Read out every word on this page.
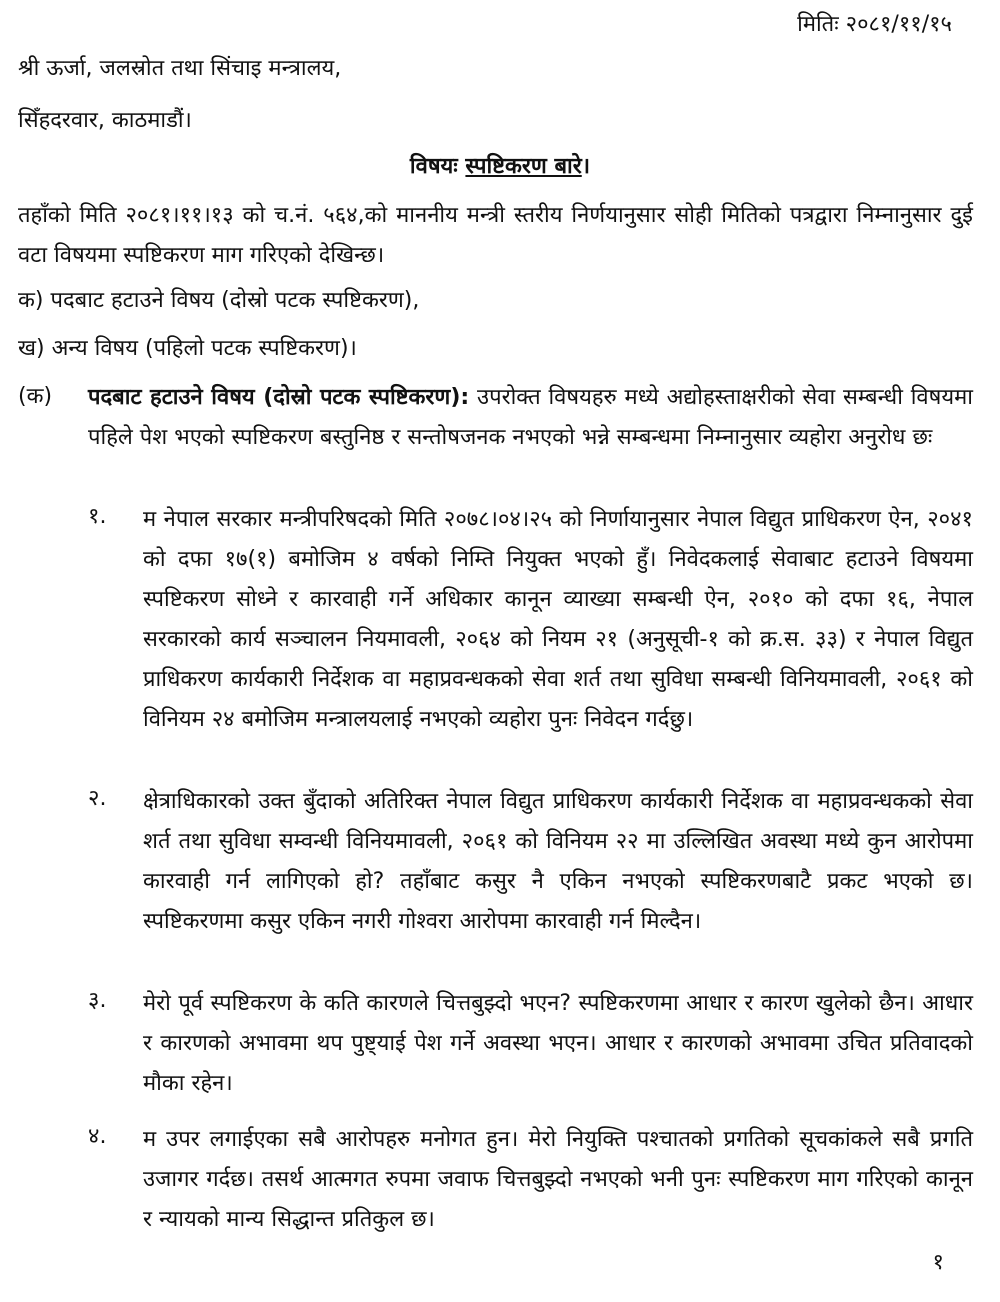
मितिः २०८१/११/१५
श्री ऊर्जा, जलस्रोत तथा सिंचाइ मन्त्रालय,
सिँहदरवार, काठमाडौं।
विषयः स्पष्टिकरण बारे।
तहाँको मिति २०८१।११।१३ को च.नं. ५६४,को माननीय मन्त्री स्तरीय निर्णयानुसार सोही मितिको पत्रद्वारा निम्नानुसार दुई वटा विषयमा स्पष्टिकरण माग गरिएको देखिन्छ।
क) पदबाट हटाउने विषय (दोस्रो पटक स्पष्टिकरण),
ख) अन्य विषय (पहिलो पटक स्पष्टिकरण)।
(क) पदबाट हटाउने विषय (दोस्रो पटक स्पष्टिकरण): उपरोक्त विषयहरु मध्ये अद्योहस्ताक्षरीको सेवा सम्बन्धी विषयमा पहिले पेश भएको स्पष्टिकरण बस्तुनिष्ठ र सन्तोषजनक नभएको भन्ने सम्बन्धमा निम्नानुसार व्यहोरा अनुरोध छः
१.	म नेपाल सरकार मन्त्रीपरिषदको मिति २०७८।०४।२५ को निर्णायानुसार नेपाल विद्युत प्राधिकरण ऐन, २०४१ को दफा १७(१) बमोजिम ४ वर्षको निम्ति नियुक्त भएको हुँ। निवेदकलाई सेवाबाट हटाउने विषयमा स्पष्टिकरण सोध्ने र कारवाही गर्ने अधिकार कानून व्याख्या सम्बन्धी ऐन, २०१० को दफा १६, नेपाल सरकारको कार्य सञ्चालन नियमावली, २०६४ को नियम २१ (अनुसूची-१ को क्र.स. ३३) र नेपाल विद्युत प्राधिकरण कार्यकारी निर्देशक वा महाप्रवन्धकको सेवा शर्त तथा सुविधा सम्बन्धी विनियमावली, २०६१ को विनियम २४ बमोजिम मन्त्रालयलाई नभएको व्यहोरा पुनः निवेदन गर्दछु।
२.	क्षेत्राधिकारको उक्त बुँदाको अतिरिक्त नेपाल विद्युत प्राधिकरण कार्यकारी निर्देशक वा महाप्रवन्धकको सेवा शर्त तथा सुविधा सम्वन्धी विनियमावली, २०६१ को विनियम २२ मा उल्लिखित अवस्था मध्ये कुन आरोपमा कारवाही गर्न लागिएको हो? तहाँबाट कसुर नै एकिन नभएको स्पष्टिकरणबाटै प्रकट भएको छ। स्पष्टिकरणमा कसुर एकिन नगरी गोश्वरा आरोपमा कारवाही गर्न मिल्दैन।
३.	मेरो पूर्व स्पष्टिकरण के कति कारणले चित्तबुझ्दो भएन? स्पष्टिकरणमा आधार र कारण खुलेको छैन। आधार र कारणको अभावमा थप पुष्ट्याई पेश गर्ने अवस्था भएन। आधार र कारणको अभावमा उचित प्रतिवादको मौका रहेन।
४.	म उपर लगाईएका सबै आरोपहरु मनोगत हुन। मेरो नियुक्ति पश्चातको प्रगतिको सूचकांकले सबै प्रगति उजागर गर्दछ। तसर्थ आत्मगत रुपमा जवाफ चित्तबुझ्दो नभएको भनी पुनः स्पष्टिकरण माग गरिएको कानून र न्यायको मान्य सिद्धान्त प्रतिकुल छ।
१
